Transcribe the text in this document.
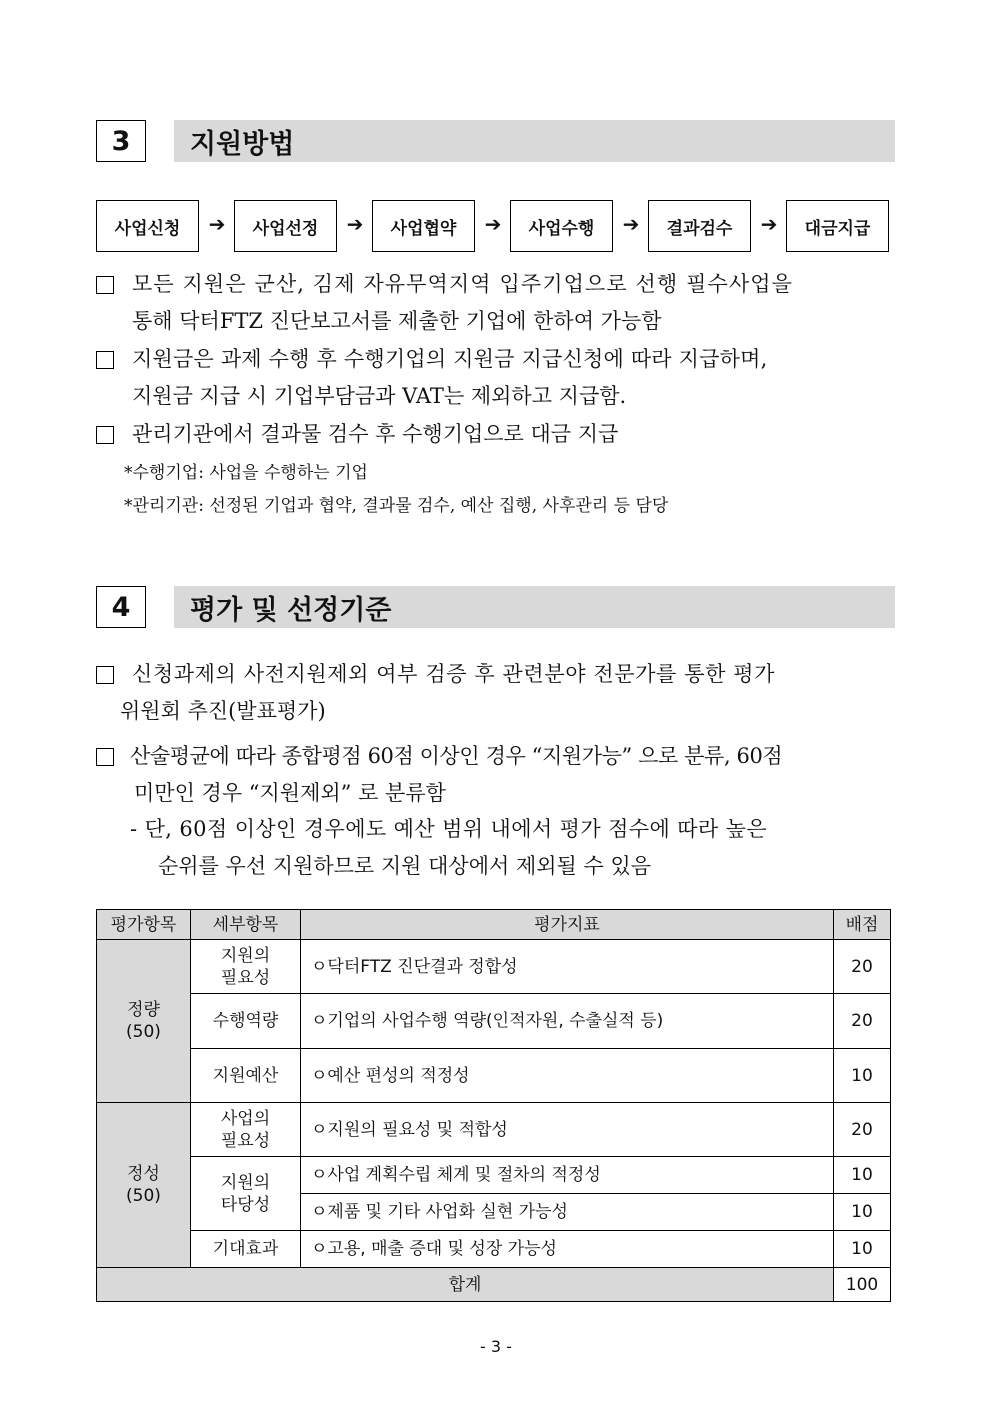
3	지원방법
사업신청	➔	사업선정	➔	사업협약	➔	사업수행	➔	결과검수	➔	대금지급
모든 지원은 군산, 김제 자유무역지역 입주기업으로 선행 필수사업을
통해 닥터FTZ 진단보고서를 제출한 기업에 한하여 가능함
지원금은 과제 수행 후 수행기업의 지원금 지급신청에 따라 지급하며,
지원금 지급 시 기업부담금과 VAT는 제외하고 지급함.
관리기관에서 결과물 검수 후 수행기업으로 대금 지급
*수행기업: 사업을 수행하는 기업
*관리기관: 선정된 기업과 협약, 결과물 검수, 예산 집행, 사후관리 등 담당
4	평가 및 선정기준
신청과제의 사전지원제외 여부 검증 후 관련분야 전문가를 통한 평가
위원회 추진(발표평가)
산술평균에 따라 종합평점 60점 이상인 경우 “지원가능” 으로 분류, 60점
미만인 경우 “지원제외” 로 분류함
- 단, 60점 이상인 경우에도 예산 범위 내에서 평가 점수에 따라 높은
순위를 우선 지원하므로 지원 대상에서 제외될 수 있음
평가항목	세부항목	평가지표	배점

정량
(50)	지원의 필요성	ㅇ닥터FTZ 진단결과 정합성	20
	수행역량	ㅇ기업의 사업수행 역량(인적자원, 수출실적 등)	20
	지원예산	ㅇ예산 편성의 적정성	10

정성
(50)	사업의 필요성	ㅇ지원의 필요성 및 적합성	20

	지원의 타당성	ㅇ사업 계획수립 체계 및 절차의 적정성	10
		ㅇ제품 및 기타 사업화 실현 가능성	10
	기대효과	ㅇ고용, 매출 증대 및 성장 가능성	10
합계			100
- 3 -
